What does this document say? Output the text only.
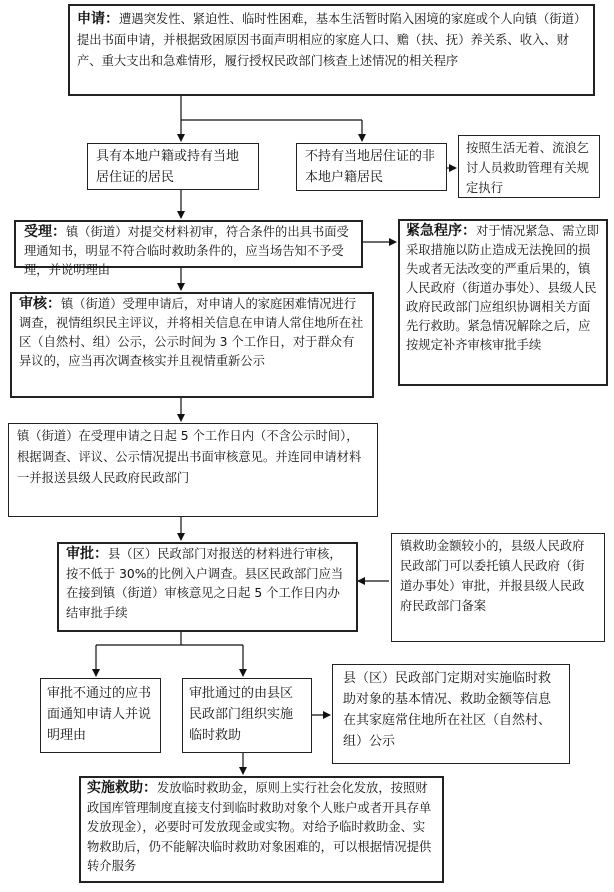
申请：遭遇突发性、紧迫性、临时性困难，基本生活暂时陷入困境的家庭或个人向镇（街道）提出书面申请，并根据致困原因书面声明相应的家庭人口、赡（扶、抚）养关系、收入、财产、重大支出和急难情形，履行授权民政部门核查上述情况的相关程序
具有本地户籍或持有当地居住证的居民
不持有当地居住证的非本地户籍居民
按照生活无着、流浪乞讨人员救助管理有关规定执行
受理：镇（街道）对提交材料初审，符合条件的出具书面受理通知书，明显不符合临时救助条件的，应当场告知不予受理，并说明理由
紧急程序：对于情况紧急、需立即采取措施以防止造成无法挽回的损失或者无法改变的严重后果的，镇人民政府（街道办事处）、县级人民政府民政部门应组织协调相关方面先行救助。紧急情况解除之后，应按规定补齐审核审批手续
审核：镇（街道）受理申请后，对申请人的家庭困难情况进行调查，视情组织民主评议，并将相关信息在申请人常住地所在社区（自然村、组）公示，公示时间为 3 个工作日，对于群众有异议的，应当再次调查核实并且视情重新公示
镇（街道）在受理申请之日起 5 个工作日内（不含公示时间），根据调查、评议、公示情况提出书面审核意见。并连同申请材料一并报送县级人民政府民政部门
审批：县（区）民政部门对报送的材料进行审核，按不低于 30%的比例入户调查。县区民政部门应当在接到镇（街道）审核意见之日起 5 个工作日内办结审批手续
镇救助金额较小的，县级人民政府民政部门可以委托镇人民政府（街道办事处）审批，并报县级人民政府民政部门备案
审批不通过的应书面通知申请人并说明理由
审批通过的由县区民政部门组织实施临时救助
县（区）民政部门定期对实施临时救助对象的基本情况、救助金额等信息在其家庭常住地所在社区（自然村、组）公示
实施救助：发放临时救助金，原则上实行社会化发放，按照财政国库管理制度直接支付到临时救助对象个人账户或者开具存单发放现金），必要时可发放现金或实物。对给予临时救助金、实物救助后，仍不能解决临时救助对象困难的，可以根据情况提供转介服务
